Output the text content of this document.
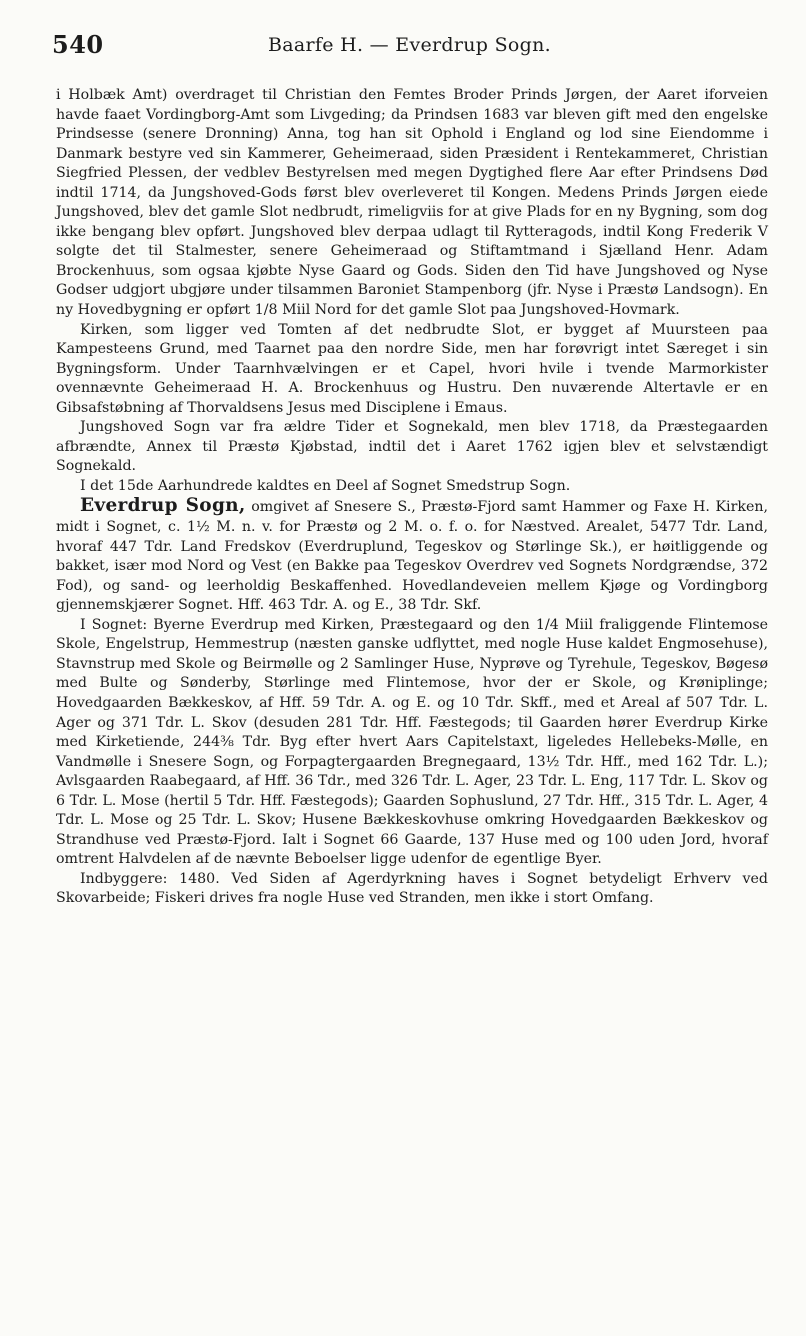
540	Baarfe H. — Everdrup Sogn.

i Holbæk Amt) overdraget til Christian den Femtes Broder Prinds Jørgen, der Aaret iforveien havde faaet Vordingborg-Amt som Livgeding; da Prindsen 1683 var bleven gift med den engelske Prindsesse (senere Dronning) Anna, tog han sit Ophold i England og lod sine Eiendomme i Danmark bestyre ved sin Kammerer, Geheimeraad, siden Præsident i Rentekammeret, Christian Siegfried Plessen, der vedblev Bestyrelsen med megen Dygtighed flere Aar efter Prindsens Død indtil 1714, da Jungshoved-Gods først blev overleveret til Kongen. Medens Prinds Jørgen eiede Jungshoved, blev det gamle Slot nedbrudt, rimeligviis for at give Plads for en ny Bygning, som dog ikke bengang blev opført. Jungshoved blev derpaa udlagt til Rytteragods, indtil Kong Frederik V solgte det til Stalmester, senere Geheimeraad og Stiftamtmand i Sjælland Henr. Adam Brockenhuus, som ogsaa kjøbte Nyse Gaard og Gods. Siden den Tid have Jungshoved og Nyse Godser udgjort ubgjøre under tilsammen Baroniet Stampenborg (jfr. Nyse i Præstø Landsogn). En ny Hovedbygning er opført 1/8 Miil Nord for det gamle Slot paa Jungshoved-Hovmark.

Kirken, som ligger ved Tomten af det nedbrudte Slot, er bygget af Muursteen paa Kampesteens Grund, med Taarnet paa den nordre Side, men har forøvrigt intet Særeget i sin Bygningsform. Under Taarnhvælvingen er et Capel, hvori hvile i tvende Marmorkister ovennævnte Geheimeraad H. A. Brockenhuus og Hustru. Den nuværende Altertavle er en Gibsafstøbning af Thorvaldsens Jesus med Disciplene i Emaus.

Jungshoved Sogn var fra ældre Tider et Sognekald, men blev 1718, da Præstegaarden afbrændte, Annex til Præstø Kjøbstad, indtil det i Aaret 1762 igjen blev et selvstændigt Sognekald.

I det 15de Aarhundrede kaldtes en Deel af Sognet Smedstrup Sogn.

Everdrup Sogn, omgivet af Snesere S., Præstø-Fjord samt Hammer og Faxe H. Kirken, midt i Sognet, c. 1½ M. n. v. for Præstø og 2 M. o. f. o. for Næstved. Arealet, 5477 Tdr. Land, hvoraf 447 Tdr. Land Fredskov (Everdruplund, Tegeskov og Størlinge Sk.), er høitliggende og bakket, især mod Nord og Vest (en Bakke paa Tegeskov Overdrev ved Sognets Nordgrændse, 372 Fod), og sand- og leerholdig Beskaffenhed. Hovedlandeveien mellem Kjøge og Vordingborg gjennemskjærer Sognet. Hff. 463 Tdr. A. og E., 38 Tdr. Skf.

I Sognet: Byerne Everdrup med Kirken, Præstegaard og den 1/4 Miil fraliggende Flintemose Skole, Engelstrup, Hemmestrup (næsten ganske udflyttet, med nogle Huse kaldet Engmosehuse), Stavnstrup med Skole og Beirmølle og 2 Samlinger Huse, Nyprøve og Tyrehule, Tegeskov, Bøgesø med Bulte og Sønderby, Størlinge med Flintemose, hvor der er Skole, og Krøniplinge; Hovedgaarden Bækkeskov, af Hff. 59 Tdr. A. og E. og 10 Tdr. Skff., med et Areal af 507 Tdr. L. Ager og 371 Tdr. L. Skov (desuden 281 Tdr. Hff. Fæstegods; til Gaarden hører Everdrup Kirke med Kirketiende, 244⅜ Tdr. Byg efter hvert Aars Capitelstaxt, ligeledes Hellebeks-Mølle, en Vandmølle i Snesere Sogn, og Forpagtergaarden Bregnegaard, 13½ Tdr. Hff., med 162 Tdr. L.); Avlsgaarden Raabegaard, af Hff. 36 Tdr., med 326 Tdr. L. Ager, 23 Tdr. L. Eng, 117 Tdr. L. Skov og 6 Tdr. L. Mose (hertil 5 Tdr. Hff. Fæstegods); Gaarden Sophuslund, 27 Tdr. Hff., 315 Tdr. L. Ager, 4 Tdr. L. Mose og 25 Tdr. L. Skov; Husene Bækkeskovhuse omkring Hovedgaarden Bækkeskov og Strandhuse ved Præstø-Fjord. Ialt i Sognet 66 Gaarde, 137 Huse med og 100 uden Jord, hvoraf omtrent Halvdelen af de nævnte Beboelser ligge udenfor de egentlige Byer.

Indbyggere: 1480. Ved Siden af Agerdyrkning haves i Sognet betydeligt Erhverv ved Skovarbeide; Fiskeri drives fra nogle Huse ved Stranden, men ikke i stort Omfang.
